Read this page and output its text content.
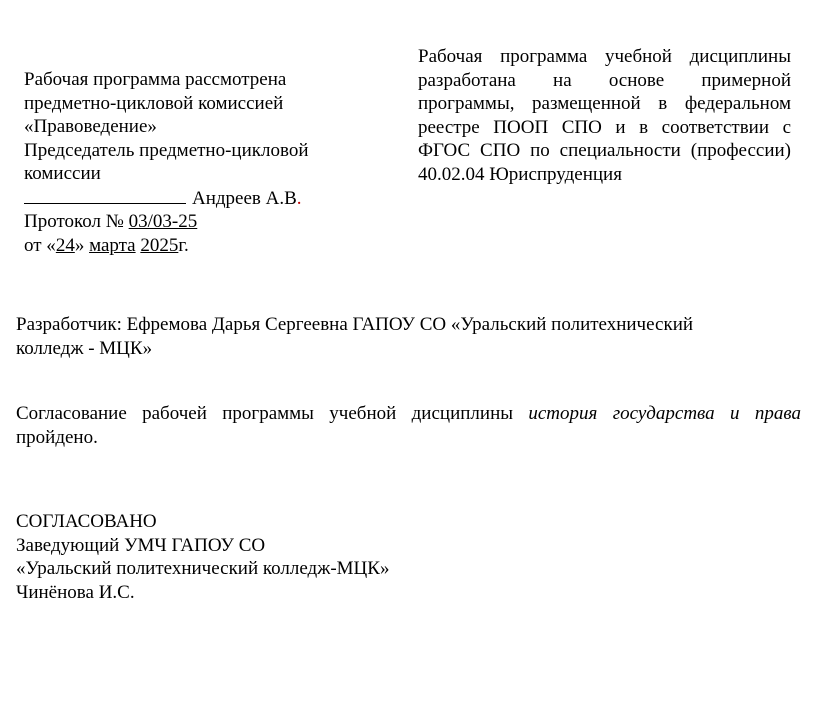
Рабочая программа рассмотрена
предметно-цикловой комиссией
«Правоведение»
Председатель предметно-цикловой
комиссии
Андреев А.В.
Протокол № 03/03-25
от «24» марта 2025г.
Рабочая программа учебной дисциплины
разработана на основе примерной
программы, размещенной в федеральном
реестре ПООП СПО и в соответствии с
ФГОС СПО по специальности (профессии)
40.02.04 Юриспруденция
Разработчик: Ефремова Дарья Сергеевна ГАПОУ СО «Уральский политехнический
колледж - МЦК»
Согласование рабочей программы учебной дисциплины история государства и права
пройдено.
СОГЛАСОВАНО
Заведующий УМЧ ГАПОУ СО
«Уральский политехнический колледж-МЦК»
Чинёнова И.С.
